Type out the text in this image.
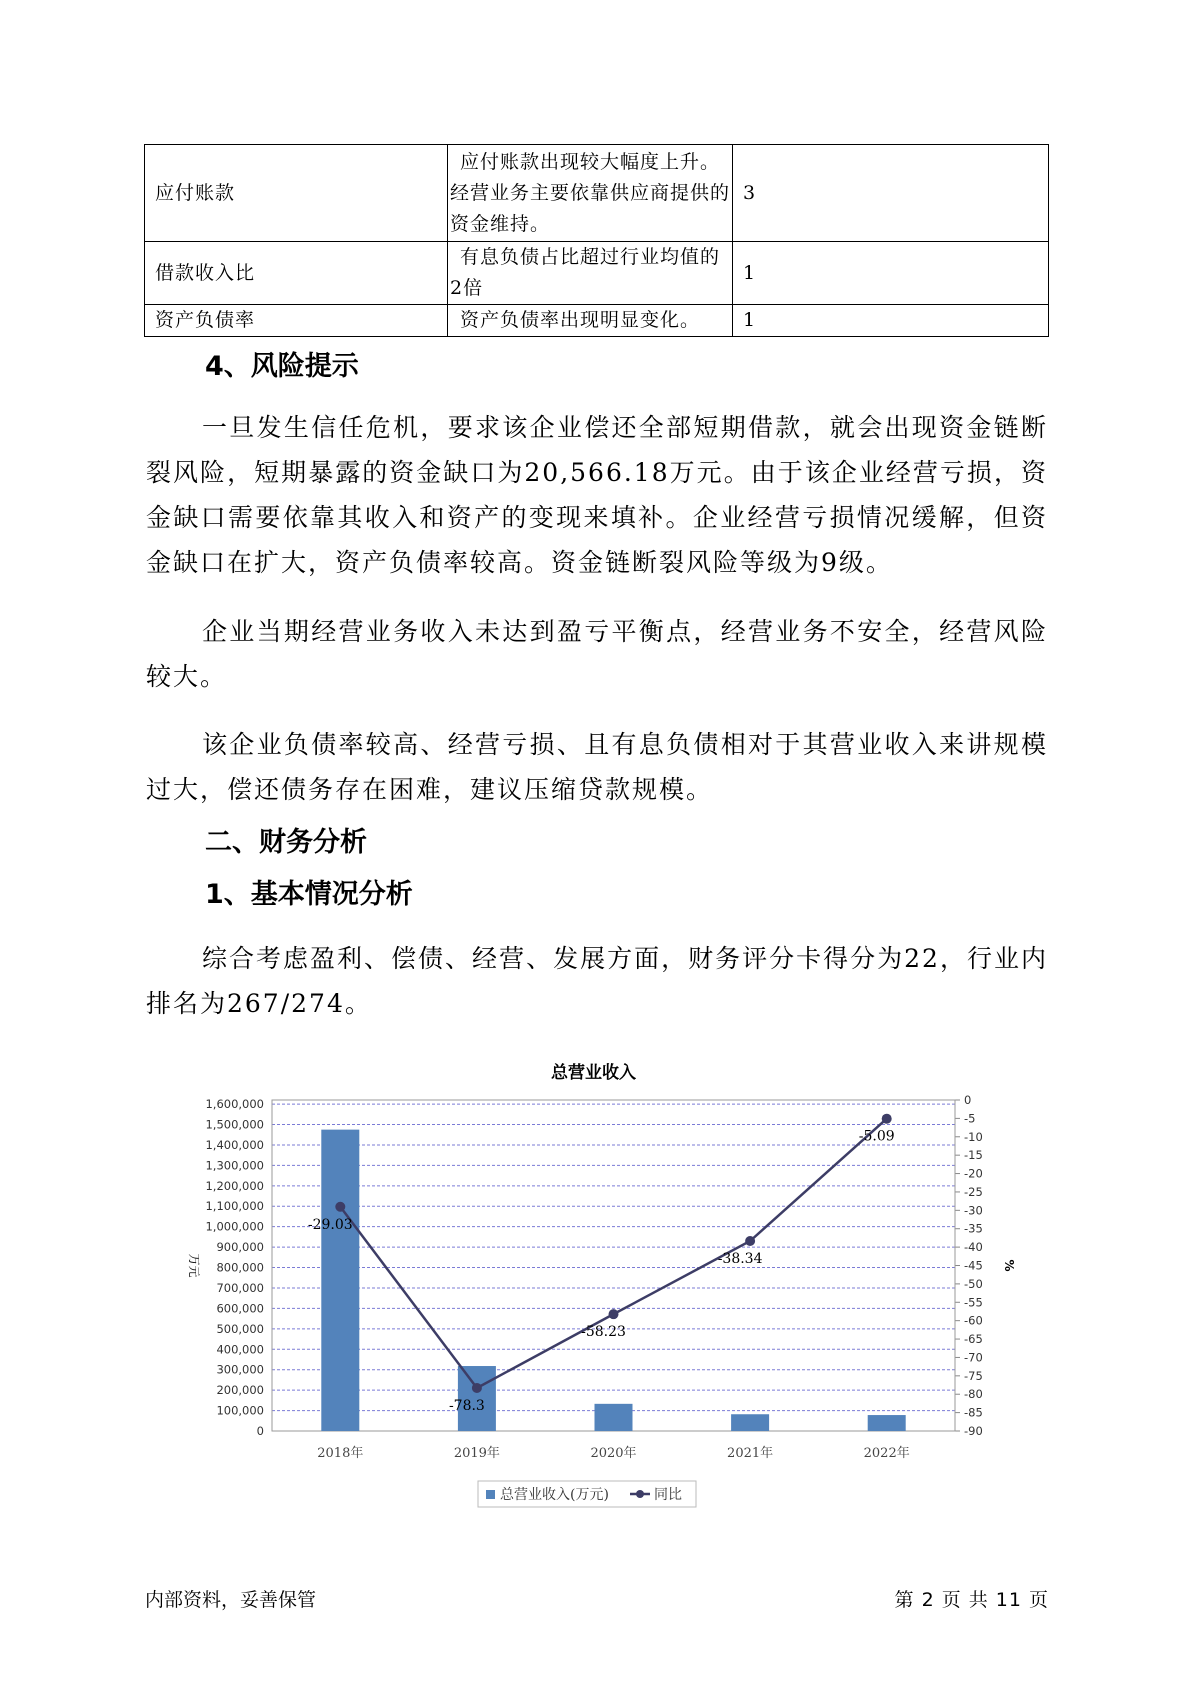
应付账款	应付账款出现较大幅度上升。经营业务主要依靠供应商提供的资金维持。	3
借款收入比	有息负债占比超过行业均值的2倍	1
资产负债率	资产负债率出现明显变化。	1
4、风险提示
一旦发生信任危机，要求该企业偿还全部短期借款，就会出现资金链断裂风险，短期暴露的资金缺口为20,566.18万元。由于该企业经营亏损，资金缺口需要依靠其收入和资产的变现来填补。企业经营亏损情况缓解，但资金缺口在扩大，资产负债率较高。资金链断裂风险等级为9级。
企业当期经营业务收入未达到盈亏平衡点，经营业务不安全，经营风险较大。
该企业负债率较高、经营亏损、且有息负债相对于其营业收入来讲规模过大，偿还债务存在困难，建议压缩贷款规模。
二、财务分析
1、基本情况分析
综合考虑盈利、偿债、经营、发展方面，财务评分卡得分为22，行业内排名为267/274。
总营业收入
0
100,000
200,000
300,000
400,000
500,000
600,000
700,000
800,000
900,000
1,000,000
1,100,000
1,200,000
1,300,000
1,400,000
1,500,000
1,600,000	0
-5
-10
-15
-20
-25
-30
-35
-40
-45
-50
-55
-60
-65
-70
-75
-80
-85
-90
万元	%
2018年	2019年	2020年	2021年	2022年
-29.03
-78.3
-58.23
-38.34
-5.09
总营业收入(万元)	同比
内部资料，妥善保管	第 2 页 共 11 页
